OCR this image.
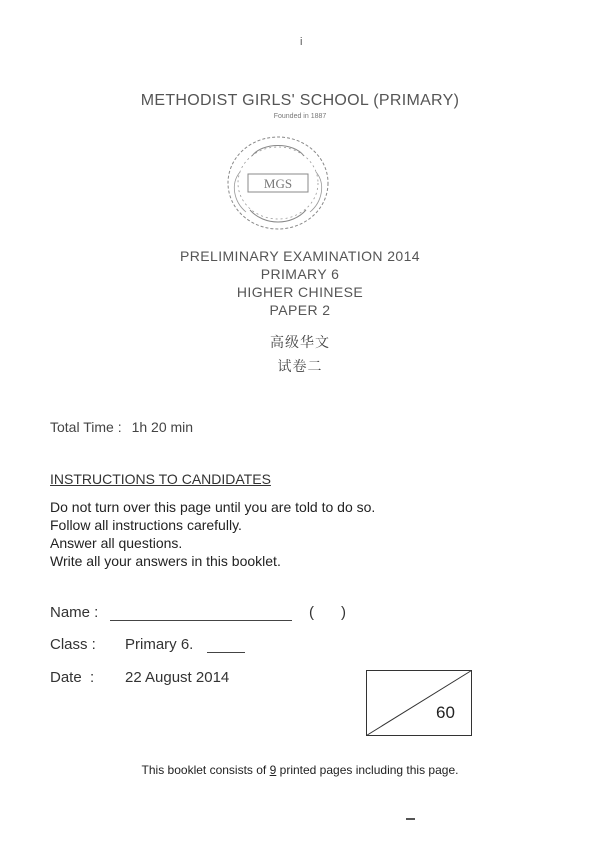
i
METHODIST GIRLS' SCHOOL (PRIMARY)
Founded in 1887
MGS
PRELIMINARY EXAMINATION 2014
PRIMARY 6
HIGHER CHINESE
PAPER 2
高级华文
试卷二
Total Time : 1h 20 min
INSTRUCTIONS TO CANDIDATES
Do not turn over this page until you are told to do so.
Follow all instructions carefully.
Answer all questions.
Write all your answers in this booklet.
Name :	( )
Class : Primary 6.
Date  : 22 August 2014
60
This booklet consists of 9 printed pages including this page.
